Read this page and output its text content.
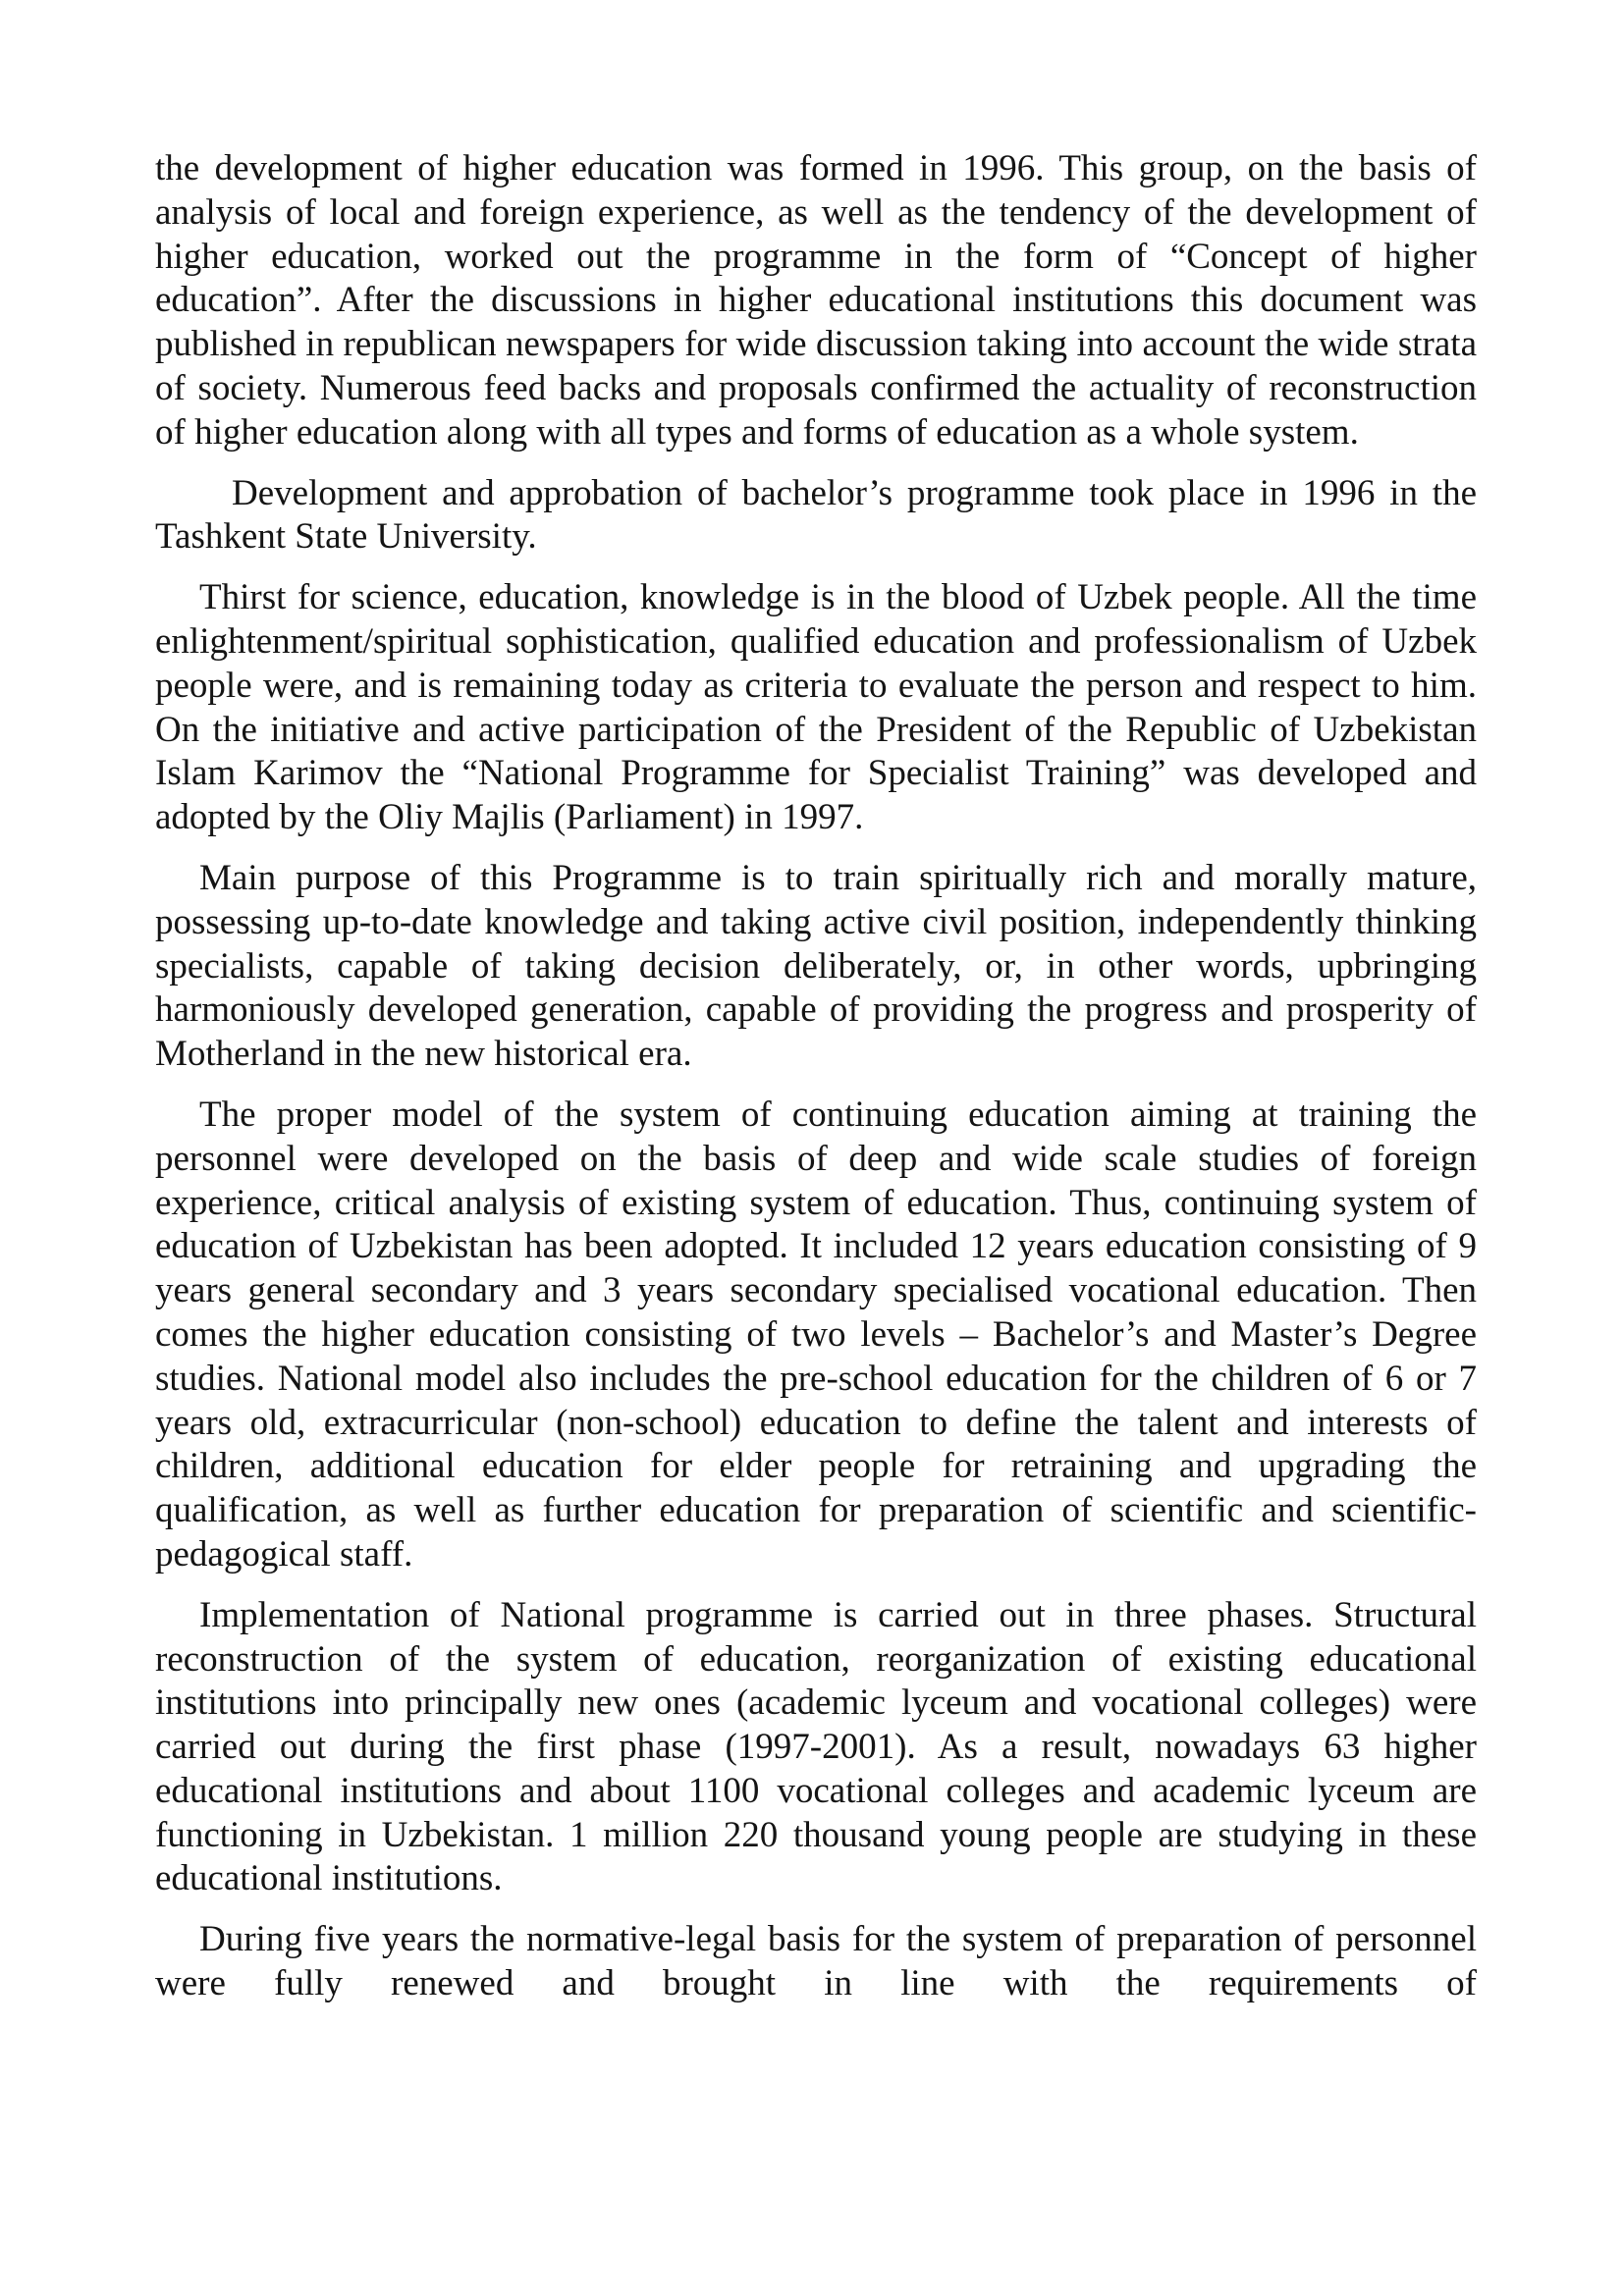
the development of higher education was formed in 1996. This group, on the basis of analysis of local and foreign experience, as well as the tendency of the development of higher education, worked out the programme in the form of “Concept of higher education”. After the discussions in higher educational institutions this document was published in republican newspapers for wide discussion taking into account the wide strata of society. Numerous feed backs and proposals confirmed the actuality of reconstruction of higher education along with all types and forms of education as a whole system.

Development and approbation of bachelor’s programme took place in 1996 in the Tashkent State University.

Thirst for science, education, knowledge is in the blood of Uzbek people. All the time enlightenment/spiritual sophistication, qualified education and professionalism of Uzbek people were, and is remaining today as criteria to evaluate the person and respect to him. On the initiative and active participation of the President of the Republic of Uzbekistan Islam Karimov the “National Programme for Specialist Training” was developed and adopted by the Oliy Majlis (Parliament) in 1997.

Main purpose of this Programme is to train spiritually rich and morally mature, possessing up-to-date knowledge and taking active civil position, independently thinking specialists, capable of taking decision deliberately, or, in other words, upbringing harmoniously developed generation, capable of providing the progress and prosperity of Motherland in the new historical era.

The proper model of the system of continuing education aiming at training the personnel were developed on the basis of deep and wide scale studies of foreign experience, critical analysis of existing system of education. Thus, continuing system of education of Uzbekistan has been adopted. It included 12 years education consisting of 9 years general secondary and 3 years secondary specialised vocational education. Then comes the higher education consisting of two levels – Bachelor’s and Master’s Degree studies. National model also includes the pre-school education for the children of 6 or 7 years old, extracurricular (non-school) education to define the talent and interests of children, additional education for elder people for retraining and upgrading the qualification, as well as further education for preparation of scientific and scientific-pedagogical staff.

Implementation of National programme is carried out in three phases. Structural reconstruction of the system of education, reorganization of existing educational institutions into principally new ones (academic lyceum and vocational colleges) were carried out during the first phase (1997-2001). As a result, nowadays 63 higher educational institutions and about 1100 vocational colleges and academic lyceum are functioning in Uzbekistan. 1 million 220 thousand young people are studying in these educational institutions.

During five years the normative-legal basis for the system of preparation of personnel were fully renewed and brought in line with the requirements of
